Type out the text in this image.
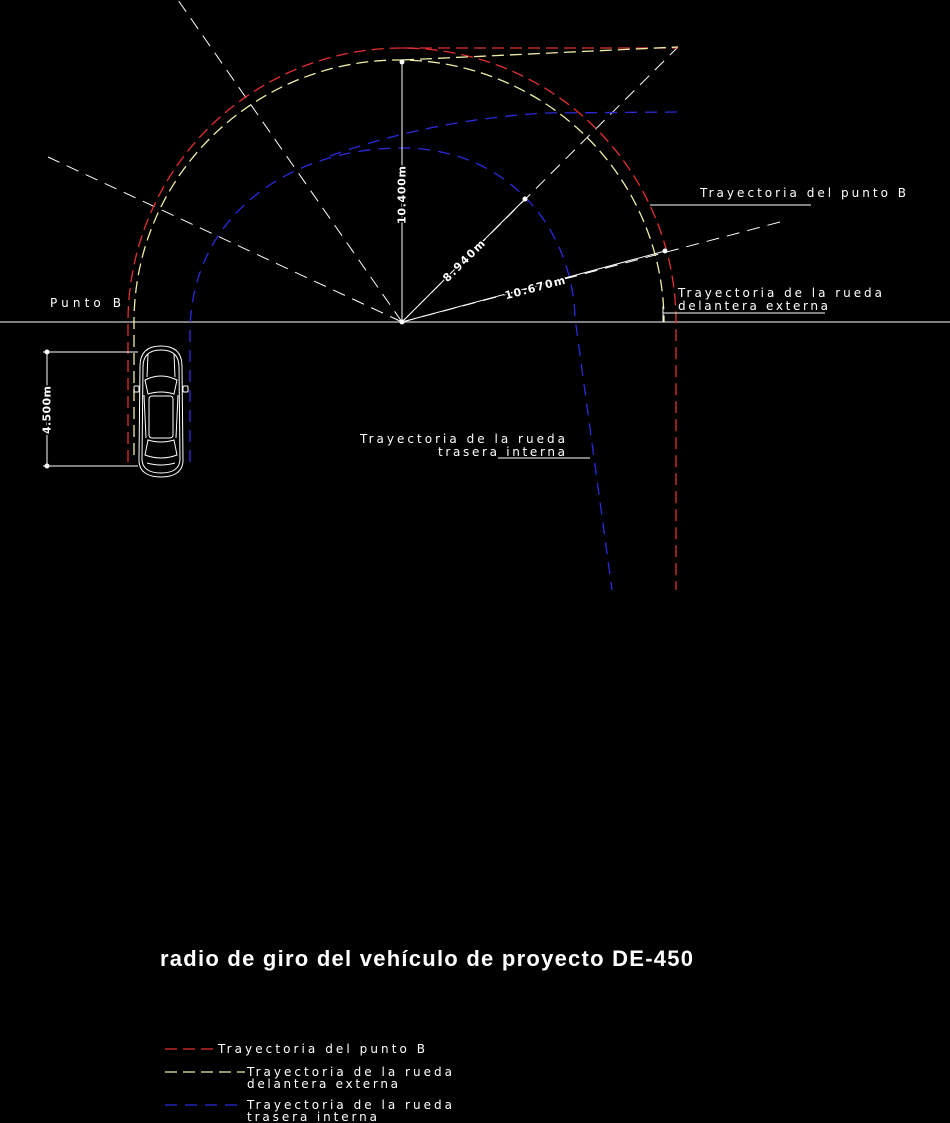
10.400m
8.940m
10.670m
4.500m
Punto B
Trayectoria del punto B
Trayectoria de la rueda
delantera externa
Trayectoria de la rueda
trasera interna
radio de giro del vehículo de proyecto DE-450
Trayectoria del punto B
Trayectoria de la rueda
delantera externa
Trayectoria de la rueda
trasera interna
